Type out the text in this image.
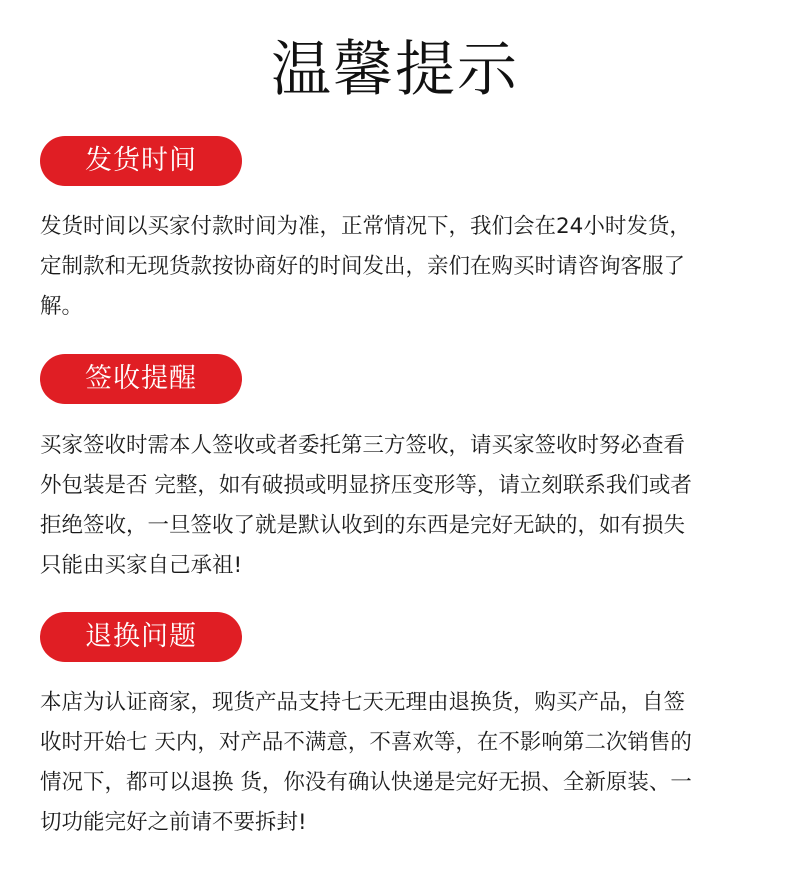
温馨提示
发货时间
发货时间以买家付款时间为准，正常情况下，我们会在24小时发货，
定制款和无现货款按协商好的时间发出，亲们在购买时请咨询客服了
解。
签收提醒
买家签收时需本人签收或者委托第三方签收，请买家签收时努必查看
外包装是否 完整，如有破损或明显挤压变形等，请立刻联系我们或者
拒绝签收，一旦签收了就是默认收到的东西是完好无缺的，如有损失
只能由买家自己承祖!
退换问题
本店为认证商家，现货产品支持七天无理由退换货，购买产品，自签
收时开始七 天内，对产品不满意，不喜欢等，在不影响第二次销售的
情况下，都可以退换 货，你没有确认快递是完好无损、全新原装、一
切功能完好之前请不要拆封!
